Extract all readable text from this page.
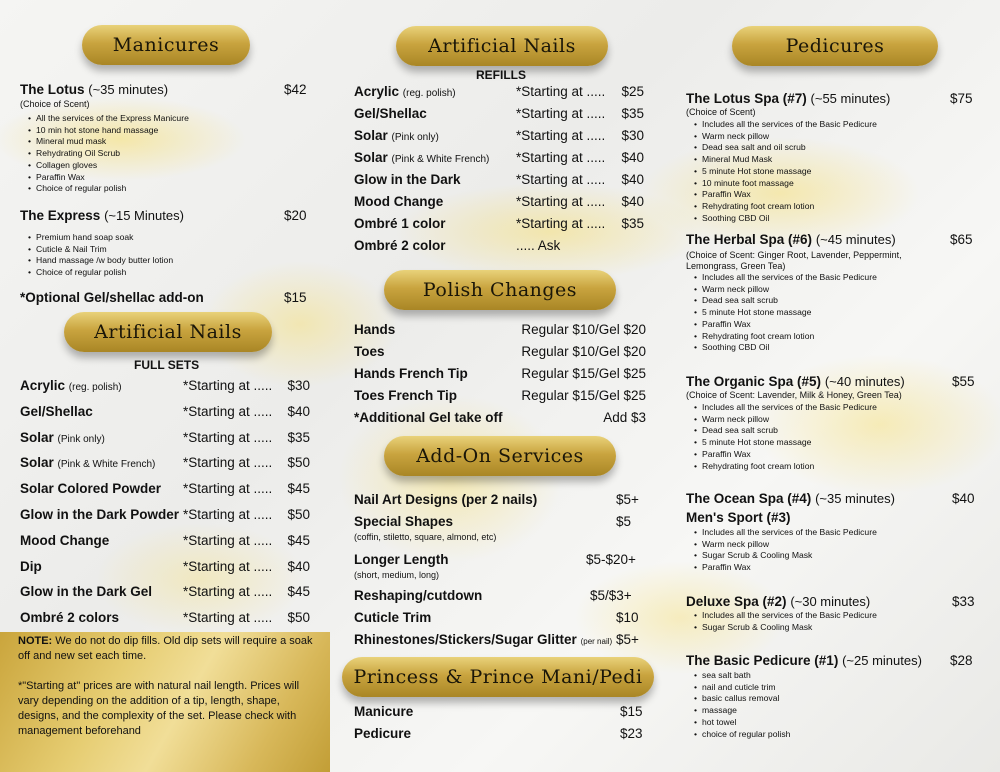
Manicures
The Lotus (~35 minutes)	$42
(Choice of Scent)
• All the services of the Express Manicure
• 10 min hot stone hand massage
• Mineral mud mask
• Rehydrating Oil Scrub
• Collagen gloves
• Paraffin Wax
• Choice of regular polish
The Express (~15 Minutes)	$20
• Premium hand soap soak
• Cuticle & Nail Trim
• Hand massage /w body butter lotion
• Choice of regular polish
*Optional Gel/shellac add-on	$15
Artificial Nails
FULL SETS
Acrylic (reg. polish)	*Starting at .....	$30
Gel/Shellac	*Starting at .....	$40
Solar (Pink only)	*Starting at .....	$35
Solar (Pink & White French)	*Starting at .....	$50
Solar Colored Powder	*Starting at .....	$45
Glow in the Dark Powder *Starting at .....	$50
Mood Change	*Starting at .....	$45
Dip	*Starting at .....	$40
Glow in the Dark Gel	*Starting at .....	$45
Ombré 2 colors	*Starting at .....	$50
NOTE: We do not do dip fills. Old dip sets will require a soak off and new set each time.
*"Starting at" prices are with natural nail length. Prices will vary depending on the addition of a tip, length, shape, designs, and the complexity of the set. Please check with management beforehand
Artificial Nails
REFILLS
Acrylic (reg. polish)	*Starting at .....	$25
Gel/Shellac	*Starting at .....	$35
Solar (Pink only)	*Starting at .....	$30
Solar (Pink & White French)	*Starting at .....	$40
Glow in the Dark	*Starting at .....	$40
Mood Change	*Starting at .....	$40
Ombré 1 color	*Starting at .....	$35
Ombré 2 color	..... Ask
Polish Changes
Hands	Regular $10/Gel $20
Toes	Regular $10/Gel $20
Hands French Tip	Regular $15/Gel $25
Toes French Tip	Regular $15/Gel $25
*Additional Gel take off	Add $3
Add-On Services
Nail Art Designs (per 2 nails)	$5+
Special Shapes	$5
(coffin, stiletto, square, almond, etc)
Longer Length	$5-$20+
(short, medium, long)
Reshaping/cutdown	$5/$3+
Cuticle Trim	$10
Rhinestones/Stickers/Sugar Glitter (per nail) $5+
Princess & Prince Mani/Pedi
Manicure	$15
Pedicure	$23
Pedicures
The Lotus Spa (#7) (~55 minutes)	$75
(Choice of Scent)
• Includes all the services of the Basic Pedicure
• Warm neck pillow
• Dead sea salt and oil scrub
• Mineral Mud Mask
• 5 minute Hot stone massage
• 10 minute foot massage
• Paraffin Wax
• Rehydrating foot cream lotion
• Soothing CBD Oil
The Herbal Spa (#6) (~45 minutes)	$65
(Choice of Scent: Ginger Root, Lavender, Peppermint, Lemongrass, Green Tea)
• Includes all the services of the Basic Pedicure
• Warm neck pillow
• Dead sea salt scrub
• 5 minute Hot stone massage
• Paraffin Wax
• Rehydrating foot cream lotion
• Soothing CBD Oil
The Organic Spa (#5) (~40 minutes)	$55
(Choice of Scent: Lavender, Milk & Honey, Green Tea)
• Includes all the services of the Basic Pedicure
• Warm neck pillow
• Dead sea salt scrub
• 5 minute Hot stone massage
• Paraffin Wax
• Rehydrating foot cream lotion
The Ocean Spa (#4) (~35 minutes)	$40
Men's Sport (#3)
• Includes all the services of the Basic Pedicure
• Warm neck pillow
• Sugar Scrub & Cooling Mask
• Paraffin Wax
Deluxe Spa (#2) (~30 minutes)	$33
• Includes all the services of the Basic Pedicure
• Sugar Scrub & Cooling Mask
The Basic Pedicure (#1) (~25 minutes) $28
• sea salt bath
• nail and cuticle trim
• basic callus removal
• massage
• hot towel
• choice of regular polish
